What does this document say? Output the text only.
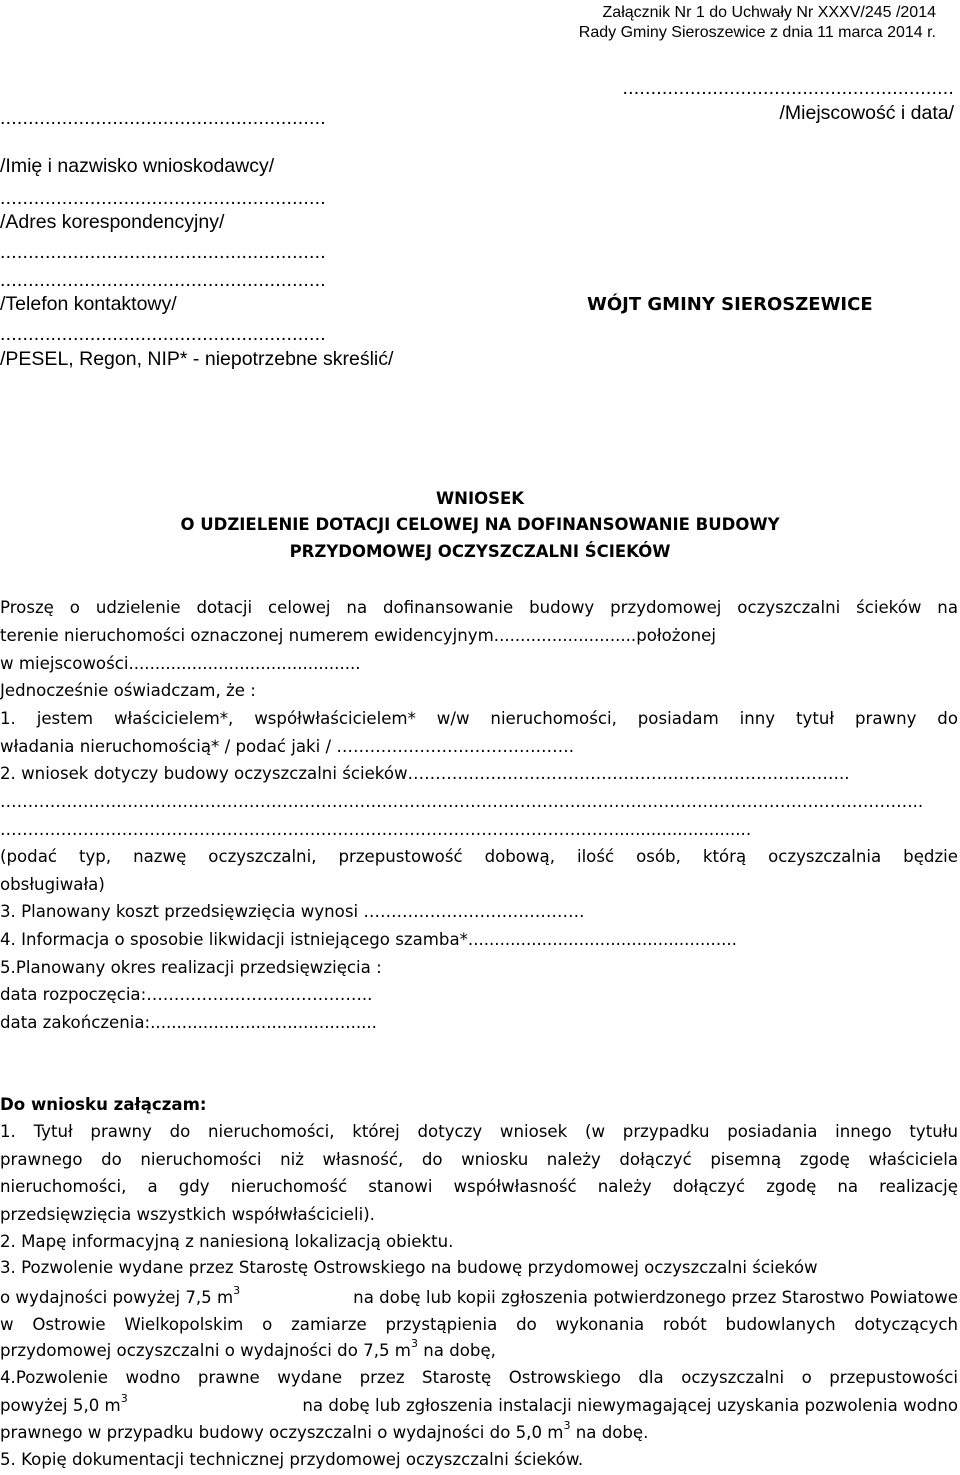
Załącznik Nr 1 do Uchwały Nr XXXV/245 /2014
Rady Gminy Sieroszewice z dnia 11 marca 2014 r.
...........................................................
/Miejscowość i data/
..........................................................
/Imię i nazwisko wnioskodawcy/
..........................................................
/Adres korespondencyjny/
..........................................................
..........................................................
/Telefon kontaktowy/
..........................................................
/PESEL, Regon, NIP* - niepotrzebne skreślić/
WÓJT GMINY SIEROSZEWICE
WNIOSEK
O UDZIELENIE DOTACJI CELOWEJ NA DOFINANSOWANIE BUDOWY
PRZYDOMOWEJ OCZYSZCZALNI ŚCIEKÓW
Proszę o udzielenie dotacji celowej na dofinansowanie budowy przydomowej oczyszczalni ścieków na
terenie nieruchomości oznaczonej numerem ewidencyjnym...........................położonej
w miejscowości............................................
Jednocześnie oświadczam, że :
1. jestem właścicielem*, współwłaścicielem* w/w nieruchomości, posiadam inny tytuł prawny do
władania nieruchomością* / podać jaki / …………………………………….
2. wniosek dotyczy budowy oczyszczalni ścieków……………………………………………………………………..
…………………………………………………………………………………………………………………………………………………..
…………………………………………………………………………………………………..........................
(podać typ, nazwę oczyszczalni, przepustowość dobową, ilość osób, którą oczyszczalnia będzie
obsługiwała)
3. Planowany koszt przedsięwzięcia wynosi ………………………………….
4. Informacja o sposobie likwidacji istniejącego szamba*...................................................
5.Planowany okres realizacji przedsięwzięcia :
data rozpoczęcia:…………………………………..
data zakończenia:...........................................
Do wniosku załączam:
1. Tytuł prawny do nieruchomości, której dotyczy wniosek (w przypadku posiadania innego tytułu
prawnego do nieruchomości niż własność, do wniosku należy dołączyć pisemną zgodę właściciela
nieruchomości, a gdy nieruchomość stanowi współwłasność należy dołączyć zgodę na realizację
przedsięwzięcia wszystkich współwłaścicieli).
2. Mapę informacyjną z naniesioną lokalizacją obiektu.
3. Pozwolenie wydane przez Starostę Ostrowskiego na budowę przydomowej oczyszczalni ścieków
o wydajności powyżej 7,5 $m^3$	na dobę lub kopii zgłoszenia potwierdzonego przez Starostwo Powiatowe
w Ostrowie Wielkopolskim o zamiarze przystąpienia do wykonania robót budowlanych dotyczących
przydomowej oczyszczalni o wydajności do 7,5 $m^3$ na dobę,
4.Pozwolenie wodno prawne wydane przez Starostę Ostrowskiego dla oczyszczalni o przepustowości
powyżej 5,0 $m^3$	na dobę lub zgłoszenia instalacji niewymagającej uzyskania pozwolenia wodno
prawnego w przypadku budowy oczyszczalni o wydajności do 5,0 $m^3$ na dobę.
5. Kopię dokumentacji technicznej przydomowej oczyszczalni ścieków.
